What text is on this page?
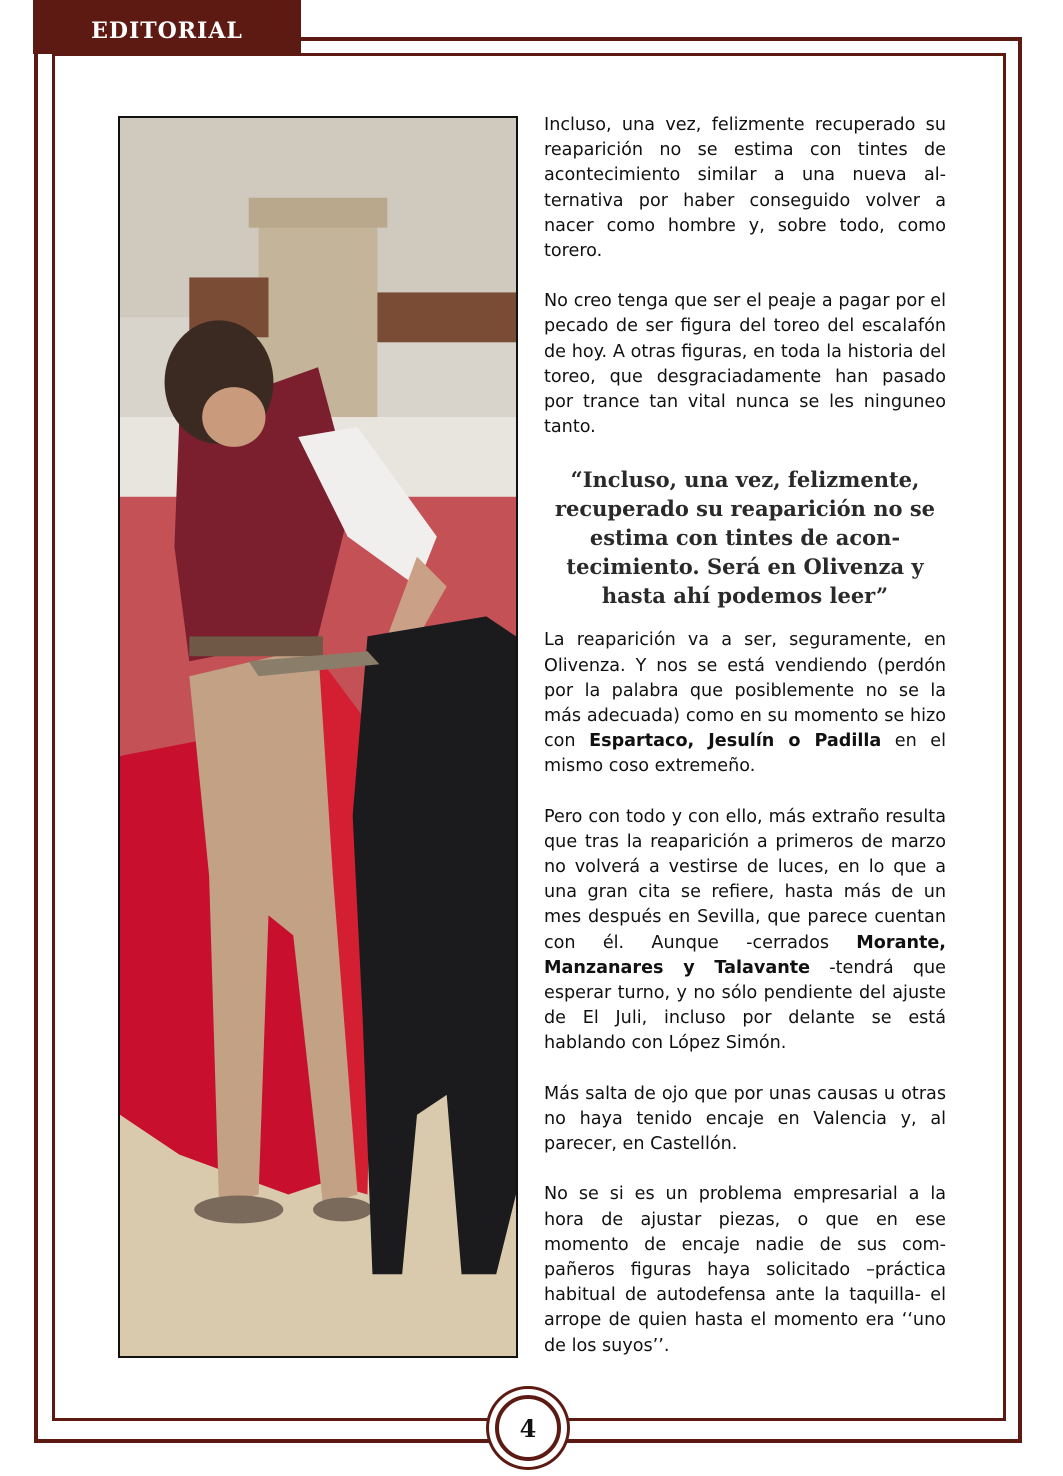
EDITORIAL

Incluso, una vez, felizmente recuperado su reaparición no se estima con tintes de acontecimiento similar a una nueva alternativa por haber conseguido volver a nacer como hombre y, sobre todo, como torero.

No creo tenga que ser el peaje a pagar por el pecado de ser figura del toreo del escalafón de hoy. A otras figuras, en toda la historia del toreo, que desgraciadamente han pasado por trance tan vital nunca se les ninguneo tanto.

“Incluso, una vez, felizmente, recuperado su reaparición no se estima con tintes de acontecimiento. Será en Olivenza y hasta ahí podemos leer”

La reaparición va a ser, seguramente, en Olivenza. Y nos se está vendiendo (perdón por la palabra que posiblemente no se la más adecuada) como en su momento se hizo con Espartaco, Jesulín o Padilla en el mismo coso extremeño.

Pero con todo y con ello, más extraño resulta que tras la reaparición a primeros de marzo no volverá a vestirse de luces, en lo que a una gran cita se refiere, hasta más de un mes después en Sevilla, que parece cuentan con él. Aunque -cerrados Morante, Manzanares y Talavante -tendrá que esperar turno, y no sólo pendiente del ajuste de El Juli, incluso por delante se está hablando con López Simón.

Más salta de ojo que por unas causas u otras no haya tenido encaje en Valencia y, al parecer, en Castellón.

No se si es un problema empresarial a la hora de ajustar piezas, o que en ese momento de encaje nadie de sus compañeros figuras haya solicitado –práctica habitual de autodefensa ante la taquilla- el arrope de quien hasta el momento era ‘‘uno de los suyos’’.

4
